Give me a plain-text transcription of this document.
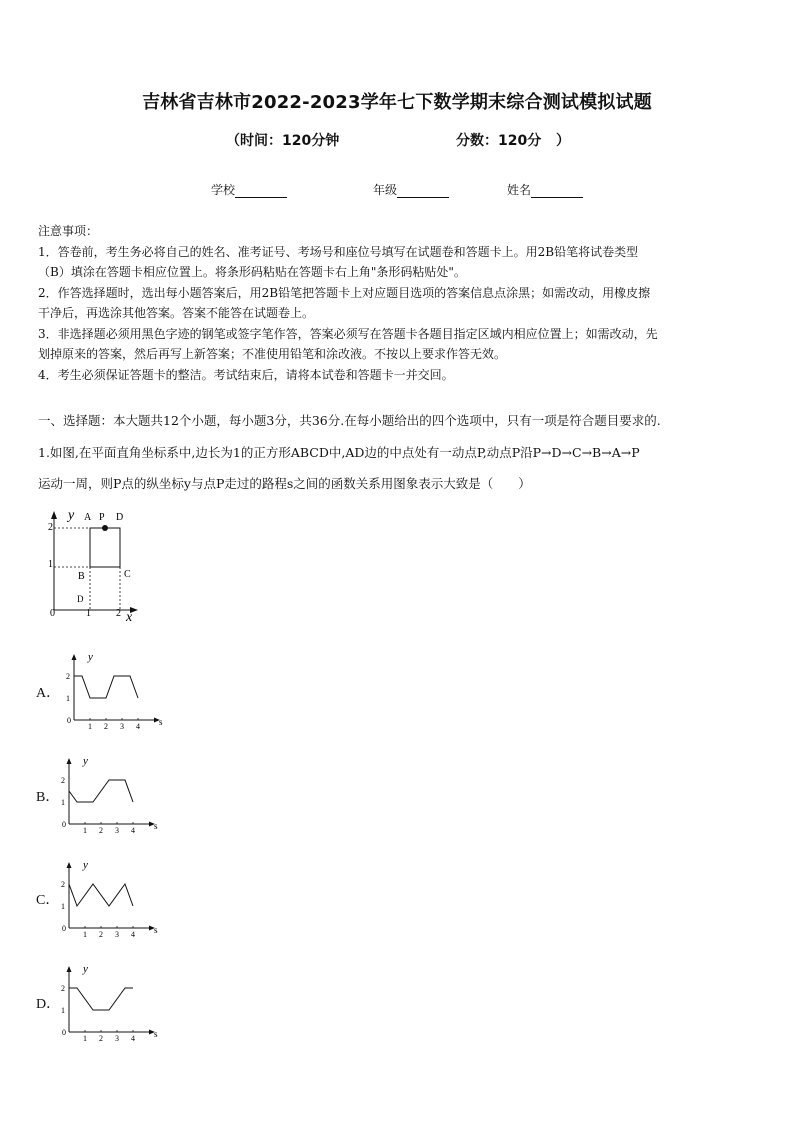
吉林省吉林市2022-2023学年七下数学期末综合测试模拟试题
（时间：120分钟	分数：120分 ）
学校	年级	姓名

注意事项：

1．答卷前，考生务必将自己的姓名、准考证号、考场号和座位号填写在试题卷和答题卡上。用2B铅笔将试卷类型

（B）填涂在答题卡相应位置上。将条形码粘贴在答题卡右上角"条形码粘贴处"。

2．作答选择题时，选出每小题答案后，用2B铅笔把答题卡上对应题目选项的答案信息点涂黑；如需改动，用橡皮擦

干净后，再选涂其他答案。答案不能答在试题卷上。

3．非选择题必须用黑色字迹的钢笔或签字笔作答，答案必须写在答题卡各题目指定区域内相应位置上；如需改动，先

划掉原来的答案，然后再写上新答案；不准使用铅笔和涂改液。不按以上要求作答无效。

4．考生必须保证答题卡的整洁。考试结束后，请将本试卷和答题卡一并交回。

一、选择题：本大题共12个小题，每小题3分，共36分.在每小题给出的四个选项中，只有一项是符合题目要求的.

1.如图,在平面直角坐标系中,边长为1的正方形ABCD中,AD边的中点处有一动点P,动点P沿P→D→C→B→A→P

运动一周，则P点的纵坐标y与点P走过的路程s之间的函数关系用图象表示大致是（　　）

y
x
0	1	2
2
1
A P D
B	C
D
A．
B．
C．
D．
y
s
0
1
2
1 2 3 4
y
s
0
1
2
1 2 3 4
y
s
0
1
2
1 2 3 4
y
s
0
1
2
1 2 3 4
